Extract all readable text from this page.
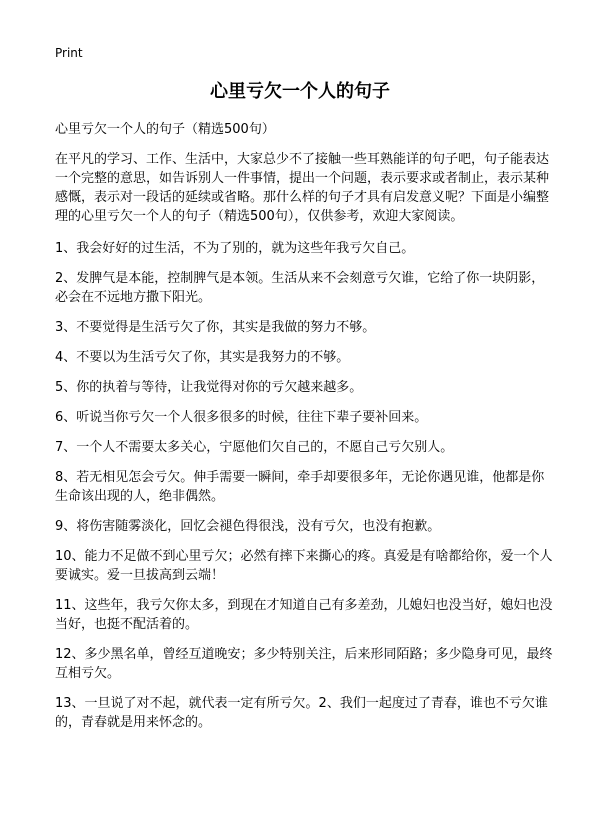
Print
心里亏欠一个人的句子

心里亏欠一个人的句子（精选500句）

在平凡的学习、工作、生活中，大家总少不了接触一些耳熟能详的句子吧，句子能表达一个完整的意思，如告诉别人一件事情，提出一个问题，表示要求或者制止，表示某种感慨，表示对一段话的延续或省略。那什么样的句子才具有启发意义呢？下面是小编整理的心里亏欠一个人的句子（精选500句），仅供参考，欢迎大家阅读。

1、我会好好的过生活，不为了别的，就为这些年我亏欠自己。

2、发脾气是本能，控制脾气是本领。生活从来不会刻意亏欠谁，它给了你一块阴影，必会在不远地方撒下阳光。

3、不要觉得是生活亏欠了你，其实是我做的努力不够。

4、不要以为生活亏欠了你，其实是我努力的不够。

5、你的执着与等待，让我觉得对你的亏欠越来越多。

6、听说当你亏欠一个人很多很多的时候，往往下辈子要补回来。

7、一个人不需要太多关心，宁愿他们欠自己的，不愿自己亏欠别人。

8、若无相见怎会亏欠。伸手需要一瞬间，牵手却要很多年，无论你遇见谁，他都是你生命该出现的人，绝非偶然。

9、将伤害随雾淡化，回忆会褪色得很浅，没有亏欠，也没有抱歉。

10、能力不足做不到心里亏欠；必然有摔下来撕心的疼。真爱是有啥都给你，爱一个人要诚实。爱一旦拔高到云端！

11、这些年，我亏欠你太多，到现在才知道自己有多差劲，儿媳妇也没当好，媳妇也没当好，也挺不配活着的。

12、多少黑名单，曾经互道晚安；多少特别关注，后来形同陌路；多少隐身可见，最终互相亏欠。

13、一旦说了对不起，就代表一定有所亏欠。2、我们一起度过了青春，谁也不亏欠谁的，青春就是用来怀念的。
